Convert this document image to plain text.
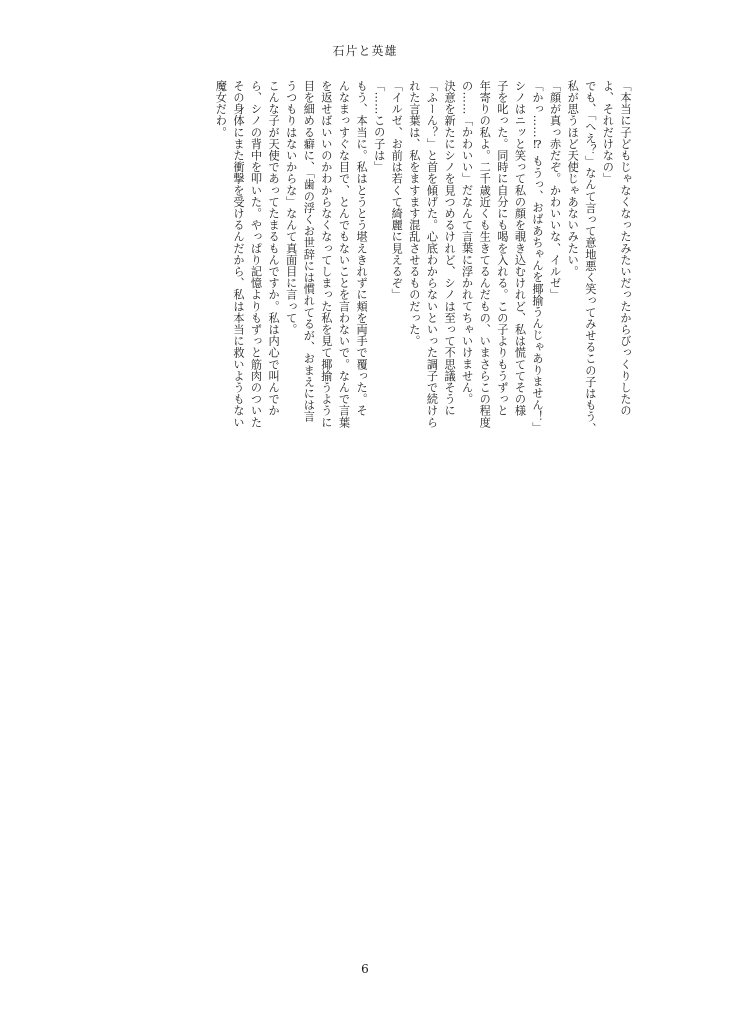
石片と英雄

「本当に子どもじゃなくなったみたいだったからびっくりしたの

よ、それだけなの」

でも、「へえ？」なんて言って意地悪く笑ってみせるこの子はもう、

私が思うほど天使じゃあないみたい。

「顔が真っ赤だぞ。かわいいな、イルゼ」

「かっ……⁉ もうっ、おばあちゃんを揶揄うんじゃありません！」

シノはニッと笑って私の顔を覗き込むけれど、私は慌ててその様

子を叱った。同時に自分にも喝を入れる。この子よりもうずっと

年寄りの私よ。二千歳近くも生きてるんだもの、いまさらこの程度

の……「かわいい」だなんて言葉に浮かれてちゃいけません。

決意を新たにシノを見つめるけれど、シノは至って不思議そうに

「ふーん？」と首を傾げた。心底わからないといった調子で続けら

れた言葉は、私をますます混乱させるものだった。

「イルゼ、お前は若くて綺麗に見えるぞ」

「……この子は」

もう、本当に。私はとうとう堪えきれずに頬を両手で覆った。そ

んなまっすぐな目で、とんでもないことを言わないで。なんで言葉

を返せばいいのかわからなくなってしまった私を見て揶揄うように

目を細める癖に、「歯の浮くお世辞には慣れてるが、おまえには言

うつもりはないからな」なんて真面目に言って。

こんな子が天使であってたまるもんですか。私は内心で叫んでか

ら、シノの背中を叩いた。やっぱり記憶よりもずっと筋肉のついた

その身体にまた衝撃を受けるんだから、私は本当に救いようもない

魔女だわ。

6
